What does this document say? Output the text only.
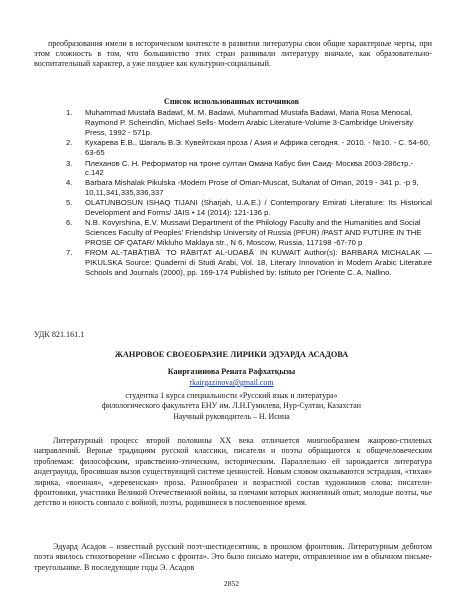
преобразования имели в историческом контексте в развитии литературы свои общие характерные черты, при этом сложность в том, что большинство этих стран развивали литературу вначале, как образовательно-воспитательный характер, а уже позднее как культурно-социальный.
Список использованных источников
1. Muhammad Mustafā Badawī, M. M. Badawi, Muhammad Mustafa Badawi, Maria Rosa Menocal, Raymond P. Scheindlin, Michael Sells- Modern Arabic Literature-Volume 3-Cambridge University Press, 1992 - 571р.
2. Кухарева Е.В., Шагаль В.Э. Кувейтская проза / Азия и Африка сегодня. - 2010. - №10. - С. 54-60, 63-65
3. Плеханов С. Н. Реформатор на троне султан Омана Кабус бин Саид- Москва 2003-286стр.- с.142
4. Barbara Mishalak Pikulska -Modern Prose of Oman-Muscat, Sultanat of Oman, 2019 - 341 р. -р 9, 10,11,341,335,336,337
5. OLATUNBOSUN ISHAQ TIJANI (Sharjah, U.A.E.) / Contemporary Emirati Literature: Its Historical Development and Forms/ JAIS • 14 (2014): 121-136 р.
6. N.B. Kovyrshina, E.V. Mussawi Department of the Philology Faculty and the Humanities and Social Sciences Faculty of Peoples' Friendship University of Russia (PFUR) /PAST AND FUTURE IN THE PROSE OF QATAR/ Mikluho Maklaya str., N 6, Moscow, Russia, 117198 -67-70 р
7. FROM AL-ṬABĀṬIBĀʾ TO RĀBIṬAT AL-UDABĀʾ IN KUWAIT Author(s): BARBARA MICHALAK — PIKULSKA Source: Quaderni di Studi Arabi, Vol. 18, Literary Innovation in Modern Arabic Literature Schools and Journals (2000), pp. 169-174 Published by: Istituto per l'Oriente C. A. Nallino.
УДК 821.161.1
ЖАНРОВОЕ СВОЕОБРАЗИЕ ЛИРИКИ ЭДУАРДА АСАДОВА
Каиргазинова Рената Рафхатқызы
rkairgazinova@gmail.com
студентка 1 курса специальности «Русский язык и литература»
филологического факультета ЕНУ им. Л.Н.Гумилева, Нур-Султан, Казахстан
Научный руководитель – Н. Исина
Литературный процесс второй половины XX века отличается многообразием жанрово-стилевых направлений. Верные традициям русской классики, писатели и поэты обращаются к общечеловеческим проблемам: философским, нравственно-этическим, историческим. Параллельно ей зарождается литература андеграунда, бросившая вызов существующей системе ценностей. Новым словом оказываются эстрадная, «тихая» лирика, «военная», «деревенская» проза. Разнообразен и возрастной состав художников слова: писатели-фронтовики, участники Великой Отечественной войны, за плечами которых жизненный опыт, молодые поэты, чье детство и юность совпало с войной, поэты, родившиеся в послевоенное время.
Эдуард Асадов – известный русский поэт-шестидесятник, в прошлом фронтовик. Литературным дебютом поэта явилось стихотворение «Письмо с фронта». Это было письмо матери, отправленное им в обычном письме-треугольнике. В последующие годы Э. Асадов
2852
